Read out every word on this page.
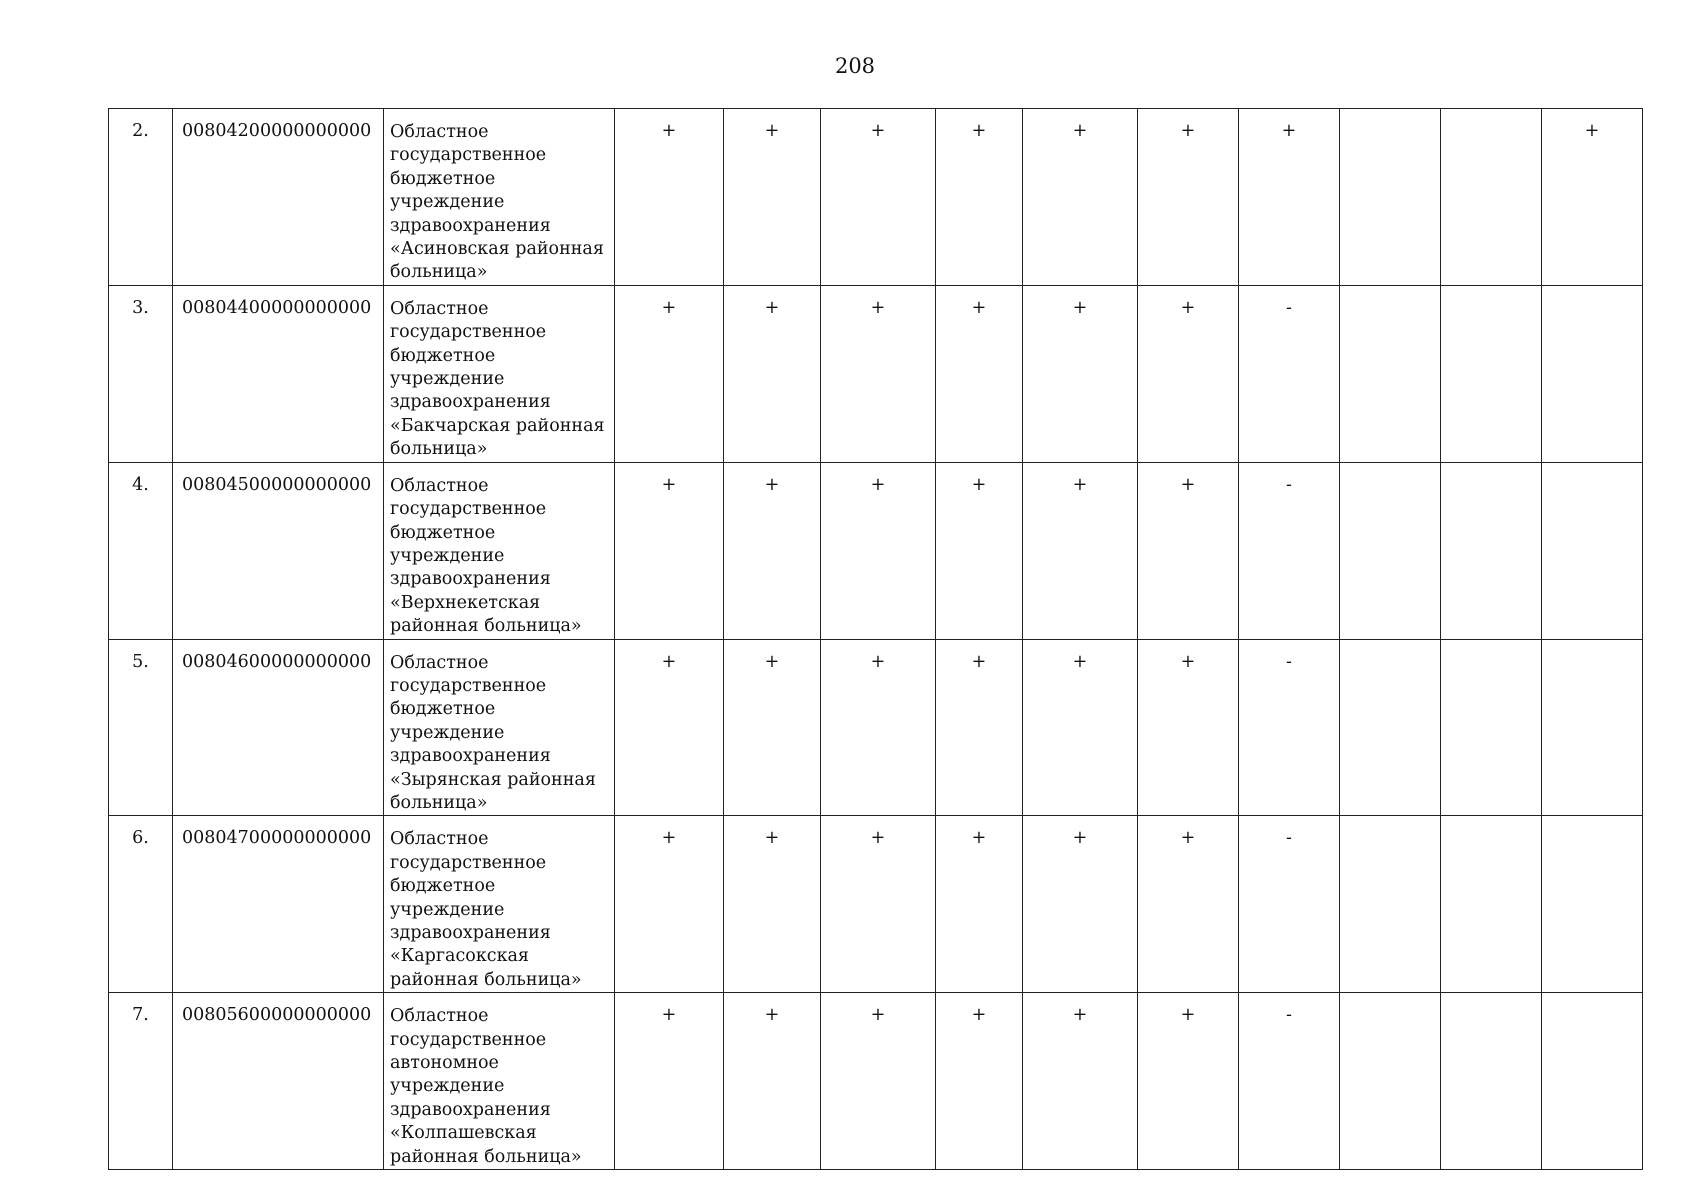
208
2.	00804200000000000	Областное государственное бюджетное учреждение здравоохранения «Асиновская районная больница»	+	+	+	+	+	+	+			+
3.	00804400000000000	Областное государственное бюджетное учреждение здравоохранения «Бакчарская районная больница»	+	+	+	+	+	+	-			
4.	00804500000000000	Областное государственное бюджетное учреждение здравоохранения «Верхнекетская районная больница»	+	+	+	+	+	+	-			
5.	00804600000000000	Областное государственное бюджетное учреждение здравоохранения «Зырянская районная больница»	+	+	+	+	+	+	-			
6.	00804700000000000	Областное государственное бюджетное учреждение здравоохранения «Каргасокская районная больница»	+	+	+	+	+	+	-			
7.	00805600000000000	Областное государственное автономное учреждение здравоохранения «Колпашевская районная больница»	+	+	+	+	+	+	-			
